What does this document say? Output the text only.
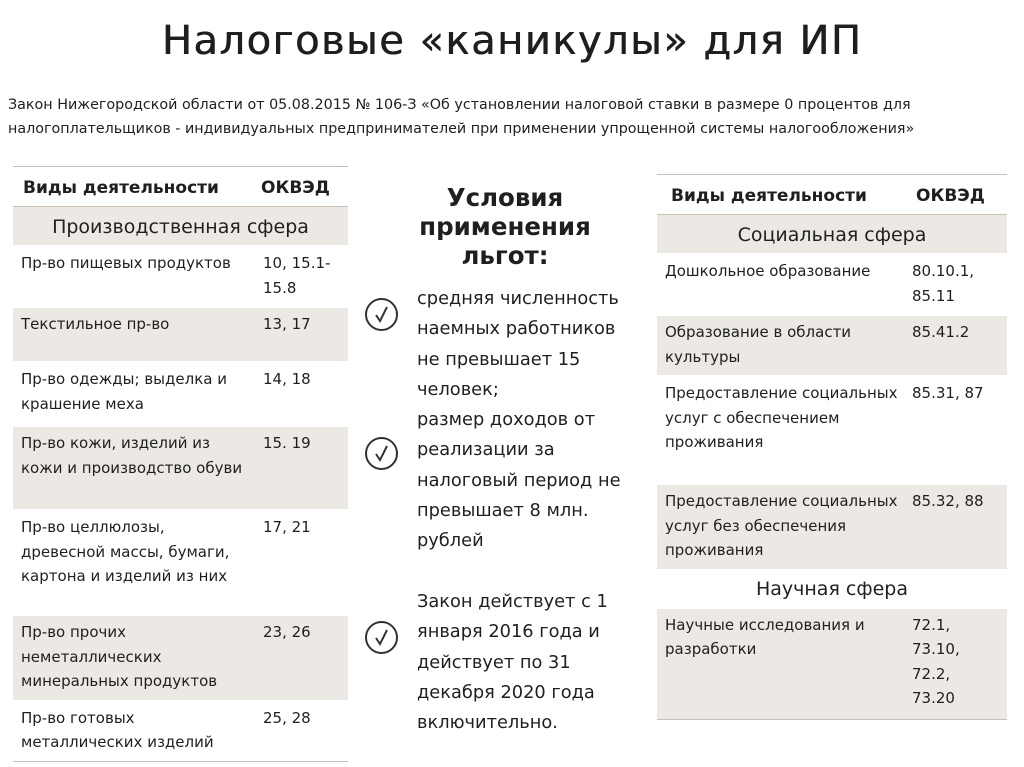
Налоговые «каникулы» для ИП
Закон Нижегородской области от 05.08.2015 № 106-З «Об установлении налоговой ставки в размере 0 процентов для
налогоплательщиков - индивидуальных предпринимателей при применении упрощенной системы налогообложения»
Виды деятельности	ОКВЭД
Производственная сфера	
Пр-во пищевых продуктов	10, 15.1-15.8
Текстильное пр-во	13, 17
Пр-во одежды; выделка и крашение меха	14, 18
Пр-во кожи, изделий из кожи и производство обуви	15. 19
Пр-во целлюлозы, древесной массы, бумаги, картона и изделий из них	17, 21
Пр-во прочих неметаллических минеральных продуктов	23, 26
Пр-во готовых металлических изделий	25, 28
Условия применения льгот:
средняя численность наемных работников не превышает 15 человек;
размер доходов от реализации за налоговый период не превышает 8 млн. рублей
Закон действует с 1 января 2016 года и действует по 31 декабря 2020 года включительно.
Виды деятельности	ОКВЭД
Социальная сфера	
Дошкольное образование	80.10.1, 85.11
Образование в области культуры	85.41.2
Предоставление социальных услуг с обеспечением проживания	85.31, 87
Предоставление социальных услуг без обеспечения проживания	85.32, 88
Научная сфера	
Научные исследования и разработки	72.1, 73.10, 72.2, 73.20
